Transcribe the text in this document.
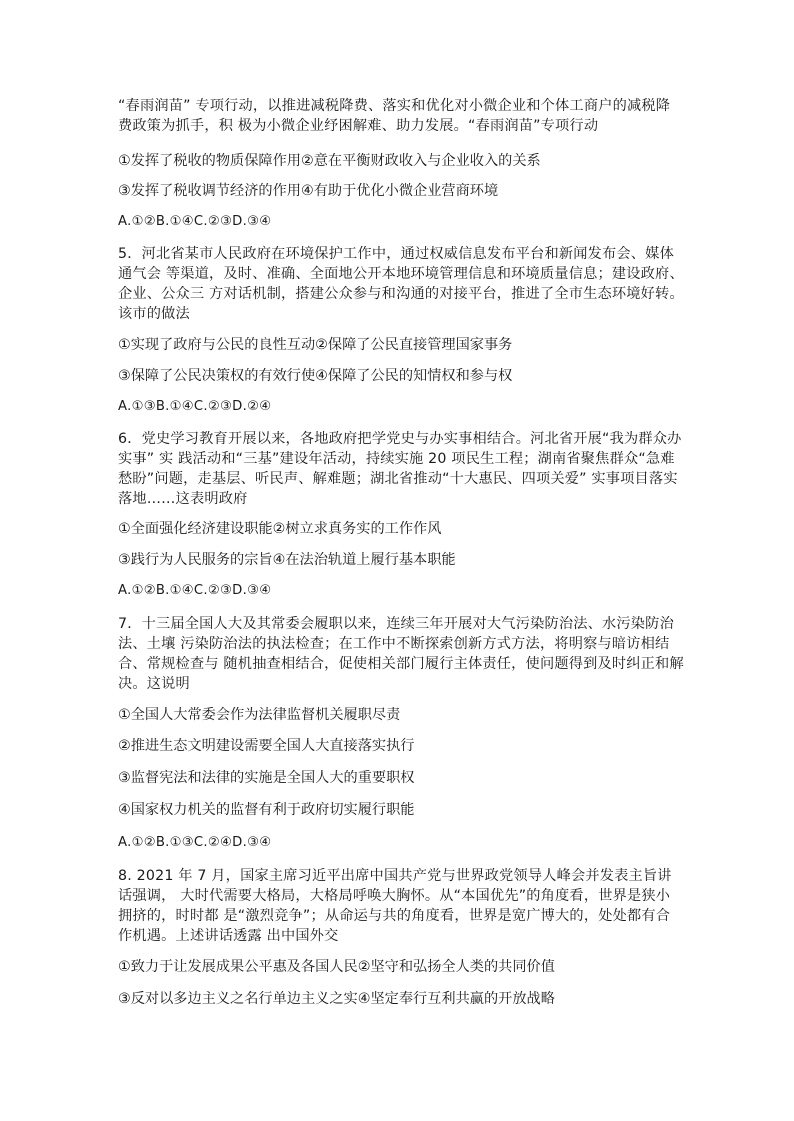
“春雨润苗” 专项行动，以推进减税降费、落实和优化对小微企业和个体工商户的减税降费政策为抓手，积 极为小微企业纾困解难、助力发展。“春雨润苗”专项行动

①发挥了税收的物质保障作用②意在平衡财政收入与企业收入的关系

③发挥了税收调节经济的作用④有助于优化小微企业营商环境

A.①②B.①④C.②③D.③④

5．河北省某市人民政府在环境保护工作中，通过权威信息发布平台和新闻发布会、媒体通气会 等渠道，及时、准确、全面地公开本地环境管理信息和环境质量信息；建设政府、企业、公众三 方对话机制，搭建公众参与和沟通的对接平台，推进了全市生态环境好转。该市的做法

①实现了政府与公民的良性互动②保障了公民直接管理国家事务

③保障了公民决策权的有效行使④保障了公民的知情权和参与权

A.①③B.①④C.②③D.②④

6．党史学习教育开展以来，各地政府把学党史与办实事相结合。河北省开展“我为群众办实事” 实 践活动和“三基”建设年活动，持续实施 20 项民生工程；湖南省聚焦群众“急难愁盼”问题，走基层、听民声、解难题；湖北省推动“十大惠民、四项关爱” 实事项目落实落地……这表明政府

①全面强化经济建设职能②树立求真务实的工作作风

③践行为人民服务的宗旨④在法治轨道上履行基本职能

A.①②B.①④C.②③D.③④

7．十三届全国人大及其常委会履职以来，连续三年开展对大气污染防治法、水污染防治法、土壤 污染防治法的执法检查；在工作中不断探索创新方式方法，将明察与暗访相结合、常规检查与 随机抽查相结合，促使相关部门履行主体责任，使问题得到及时纠正和解决。这说明

①全国人大常委会作为法律监督机关履职尽责

②推进生态文明建设需要全国人大直接落实执行

③监督宪法和法律的实施是全国人大的重要职权

④国家权力机关的监督有利于政府切实履行职能

A.①②B.①③C.②④D.③④

8. 2021 年 7 月，国家主席习近平出席中国共产党与世界政党领导人峰会并发表主旨讲话强调， 大时代需要大格局，大格局呼唤大胸怀。从“本国优先”的角度看，世界是狭小拥挤的，时时都 是“激烈竞争”；从命运与共的角度看，世界是宽广博大的，处处都有合作机遇。上述讲话透露 出中国外交

①致力于让发展成果公平惠及各国人民②坚守和弘扬全人类的共同价值

③反对以多边主义之名行单边主义之实④坚定奉行互利共赢的开放战略
